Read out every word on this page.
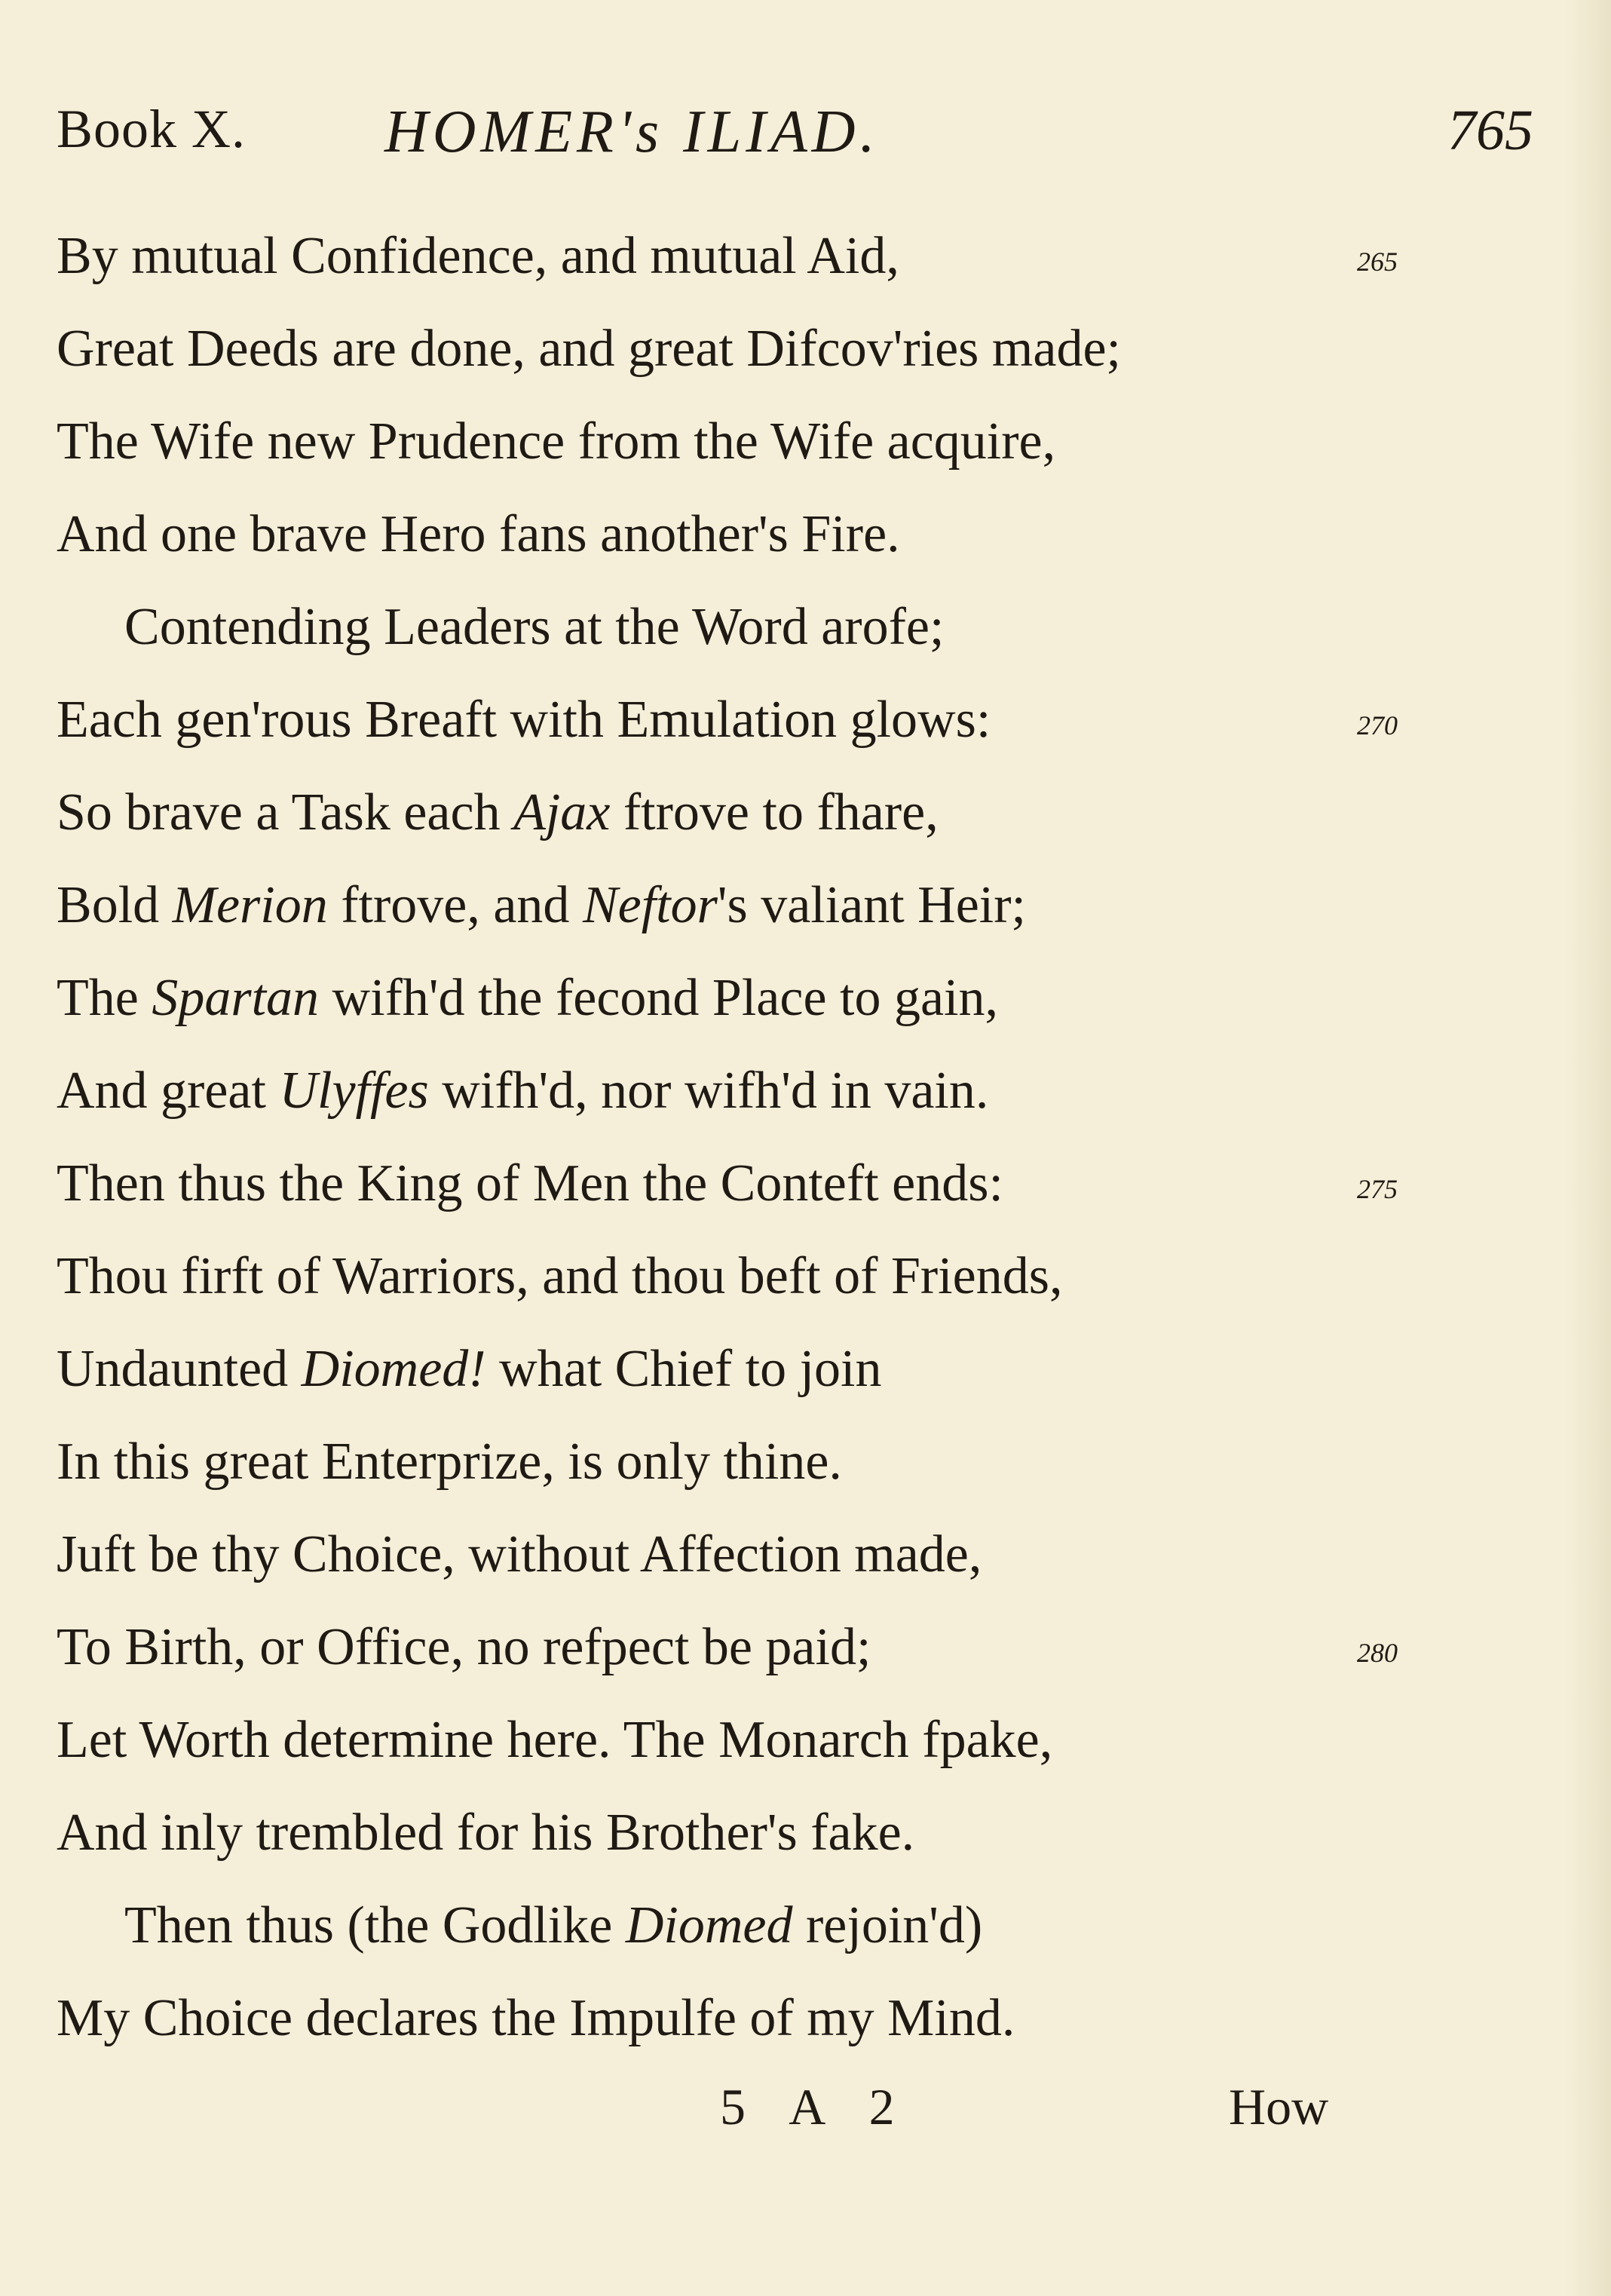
Book X. HOMER's ILIAD.	765
By mutual Confidence, and mutual Aid,	265
Great Deeds are done, and great Difcov'ries made;
The Wife new Prudence from the Wife acquire,
And one brave Hero fans another's Fire.
Contending Leaders at the Word arofe;
Each gen'rous Breaft with Emulation glows:	270
So brave a Task each Ajax ftrove to fhare,
Bold Merion ftrove, and Neftor's valiant Heir;
The Spartan wifh'd the fecond Place to gain,
And great Ulyffes wifh'd, nor wifh'd in vain.
Then thus the King of Men the Conteft ends:	275
Thou firft of Warriors, and thou beft of Friends,
Undaunted Diomed! what Chief to join
In this great Enterprize, is only thine.
Juft be thy Choice, without Affection made,
To Birth, or Office, no refpect be paid;	280
Let Worth determine here. The Monarch fpake,
And inly trembled for his Brother's fake.
Then thus (the Godlike Diomed rejoin'd)
My Choice declares the Impulfe of my Mind.
5 A 2	How
